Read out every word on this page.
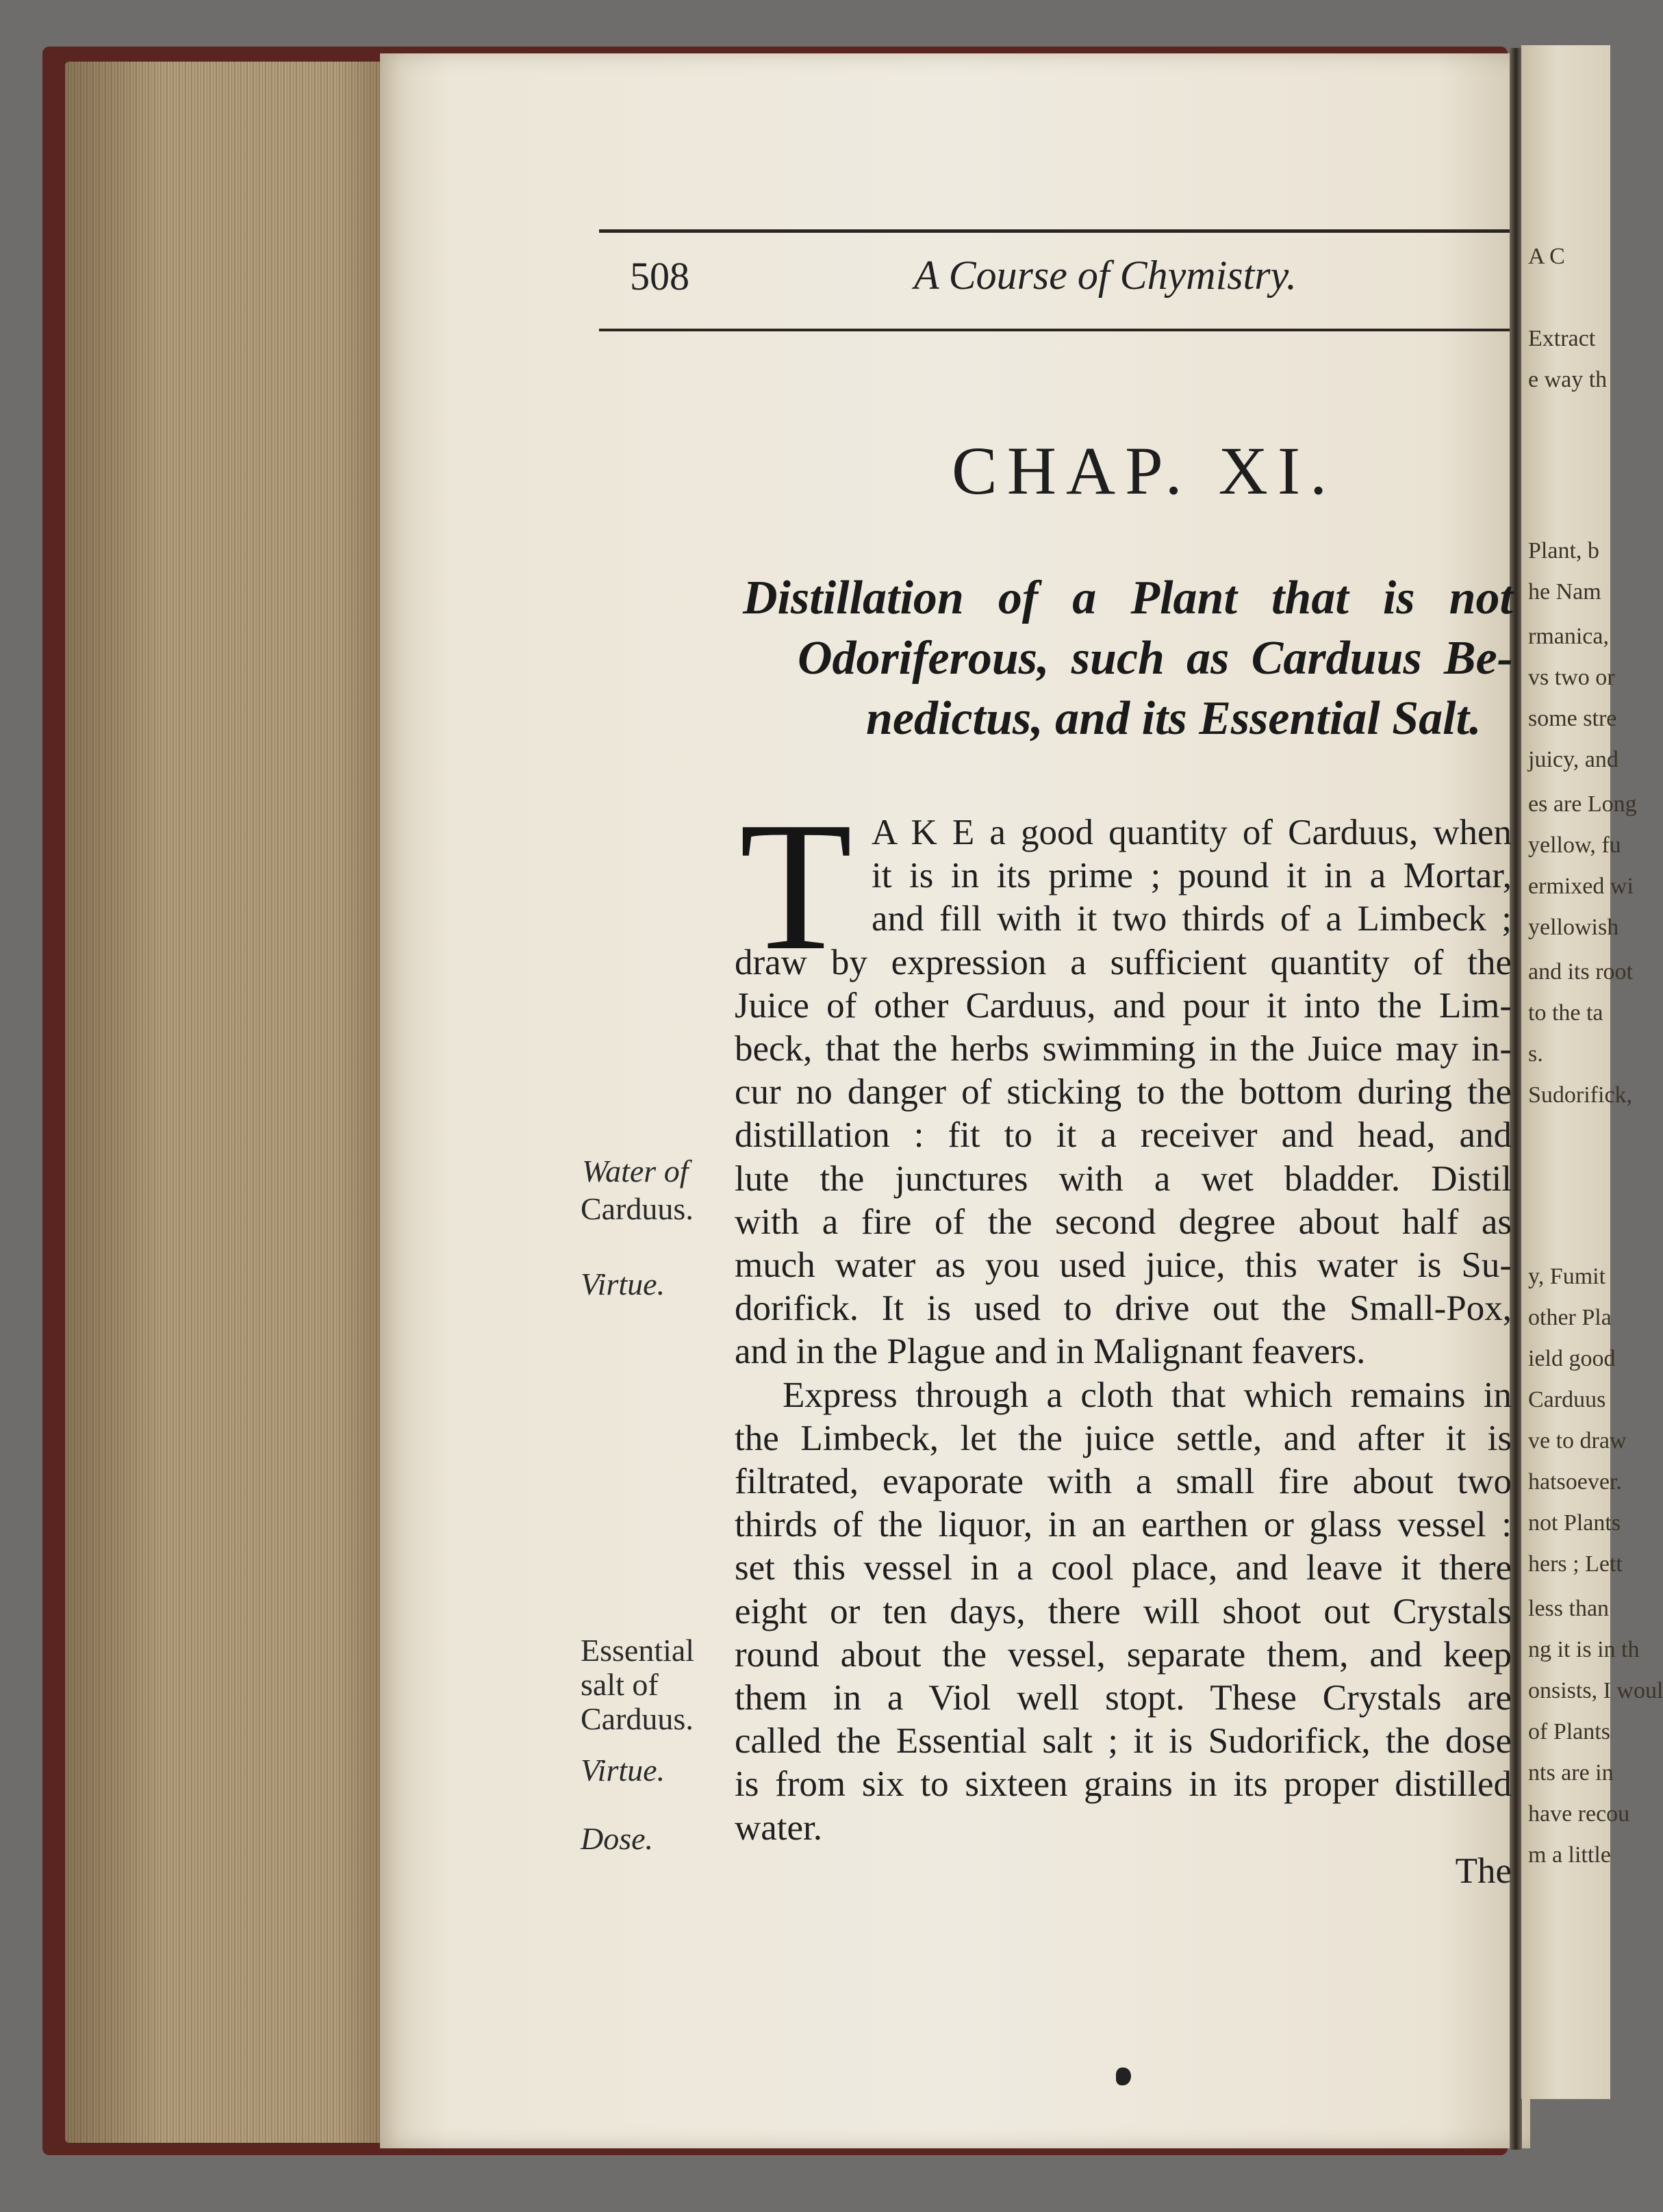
A C
Extract
e way th
Plant, b
he Nam
rmanica,
vs two or
some stre
juicy, and
es are Long
yellow, fu
ermixed wi
yellowish
and its root
to the ta
s.
Sudorifick,
y, Fumit
other Pla
ield good
Carduus
ve to draw
hatsoever.
not Plants
hers ; Lett
less than
ng it is in th
onsists, I woul
of Plants
nts are in
have recou
m a little
508	A Course of Chymistry.
CHAP. XI.
Distillation of a Plant that is not
Odoriferous, such as Carduus Be-
nedictus, and its Essential Salt.
T A K E a good quantity of Carduus, when
it is in its prime ; pound it in a Mortar,
and fill with it two thirds of a Limbeck ;
draw by expression a sufficient quantity of the
Juice of other Carduus, and pour it into the Lim-
beck, that the herbs swimming in the Juice may in-
cur no danger of sticking to the bottom during the
distillation : fit to it a receiver and head, and
lute the junctures with a wet bladder. Distil
with a fire of the second degree about half as
much water as you used juice, this water is Su-
dorifick. It is used to drive out the Small-Pox,
and in the Plague and in Malignant feavers.
Express through a cloth that which remains in
the Limbeck, let the juice settle, and after it is
filtrated, evaporate with a small fire about two
thirds of the liquor, in an earthen or glass vessel :
set this vessel in a cool place, and leave it there
eight or ten days, there will shoot out Crystals
round about the vessel, separate them, and keep
them in a Viol well stopt. These Crystals are
called the Essential salt ; it is Sudorifick, the dose
is from six to sixteen grains in its proper distilled
water.
The
Water of
Carduus.
Virtue.
Essential
salt of
Carduus.
Virtue.
Dose.
